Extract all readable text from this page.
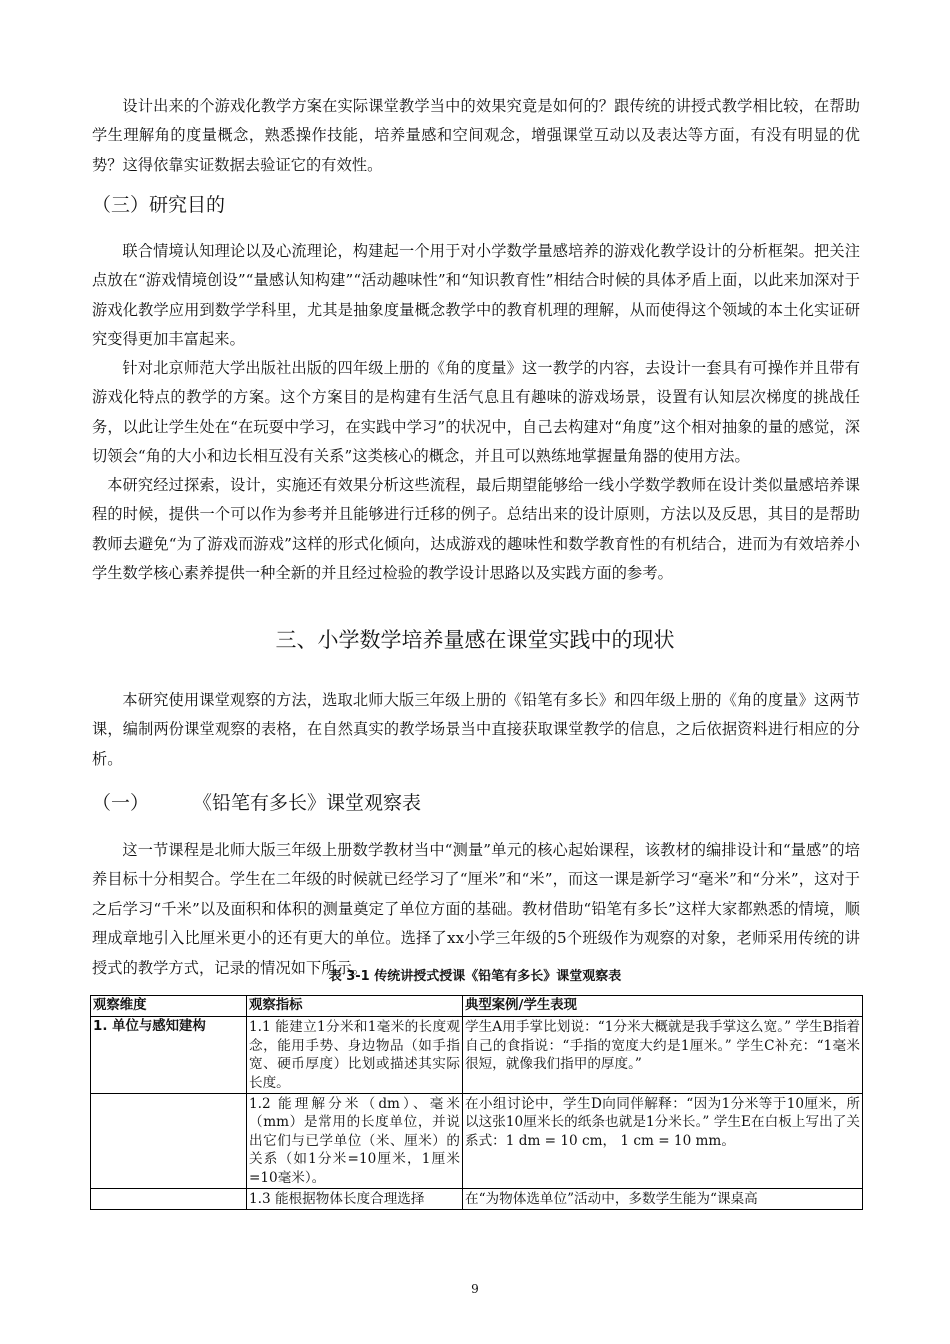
设计出来的个游戏化教学方案在实际课堂教学当中的效果究竟是如何的？跟传统的讲授式教学相比较，在帮助学生理解角的度量概念，熟悉操作技能，培养量感和空间观念，增强课堂互动以及表达等方面，有没有明显的优势？这得依靠实证数据去验证它的有效性。

（三）研究目的

联合情境认知理论以及心流理论，构建起一个用于对小学数学量感培养的游戏化教学设计的分析框架。把关注点放在“游戏情境创设”“量感认知构建”“活动趣味性”和“知识教育性”相结合时候的具体矛盾上面，以此来加深对于游戏化教学应用到数学学科里，尤其是抽象度量概念教学中的教育机理的理解，从而使得这个领域的本土化实证研究变得更加丰富起来。

针对北京师范大学出版社出版的四年级上册的《角的度量》这一教学的内容，去设计一套具有可操作并且带有游戏化特点的教学的方案。这个方案目的是构建有生活气息且有趣味的游戏场景，设置有认知层次梯度的挑战任务，以此让学生处在“在玩耍中学习，在实践中学习”的状况中，自己去构建对“角度”这个相对抽象的量的感觉，深切领会“角的大小和边长相互没有关系”这类核心的概念，并且可以熟练地掌握量角器的使用方法。

本研究经过探索，设计，实施还有效果分析这些流程，最后期望能够给一线小学数学教师在设计类似量感培养课程的时候，提供一个可以作为参考并且能够进行迁移的例子。总结出来的设计原则，方法以及反思，其目的是帮助教师去避免“为了游戏而游戏”这样的形式化倾向，达成游戏的趣味性和数学教育性的有机结合，进而为有效培养小学生数学核心素养提供一种全新的并且经过检验的教学设计思路以及实践方面的参考。

三、小学数学培养量感在课堂实践中的现状

本研究使用课堂观察的方法，选取北师大版三年级上册的《铅笔有多长》和四年级上册的《角的度量》这两节课，编制两份课堂观察的表格，在自然真实的教学场景当中直接获取课堂教学的信息，之后依据资料进行相应的分析。

（一） 《铅笔有多长》课堂观察表

这一节课程是北师大版三年级上册数学教材当中“测量”单元的核心起始课程，该教材的编排设计和“量感”的培养目标十分相契合。学生在二年级的时候就已经学习了“厘米”和“米”，而这一课是新学习“毫米”和“分米”，这对于之后学习“千米”以及面积和体积的测量奠定了单位方面的基础。教材借助“铅笔有多长”这样大家都熟悉的情境，顺理成章地引入比厘米更小的还有更大的单位。选择了xx小学三年级的5个班级作为观察的对象，老师采用传统的讲授式的教学方式，记录的情况如下所示。

表 3-1 传统讲授式授课《铅笔有多长》课堂观察表
观察维度	观察指标	典型案例/学生表现
1. 单位与感知建构	1.1 能建立1分米和1毫米的长度观念，能用手势、身边物品（如手指宽、硬币厚度）比划或描述其实际长度。	学生A用手掌比划说：“1分米大概就是我手掌这么宽。” 学生B指着自己的食指说：“手指的宽度大约是1厘米。” 学生C补充：“1毫米很短，就像我们指甲的厚度。”
	1.2 能理解分米（dm）、毫米（mm）是常用的长度单位，并说出它们与已学单位（米、厘米）的关系（如1分米=10厘米，1厘米=10毫米）。	在小组讨论中，学生D向同伴解释：“因为1分米等于10厘米，所以这张10厘米长的纸条也就是1分米长。” 学生E在白板上写出了关系式：1 dm = 10 cm， 1 cm = 10 mm。
	1.3 能根据物体长度合理选择	在“为物体选单位”活动中，多数学生能为“课桌高
9
